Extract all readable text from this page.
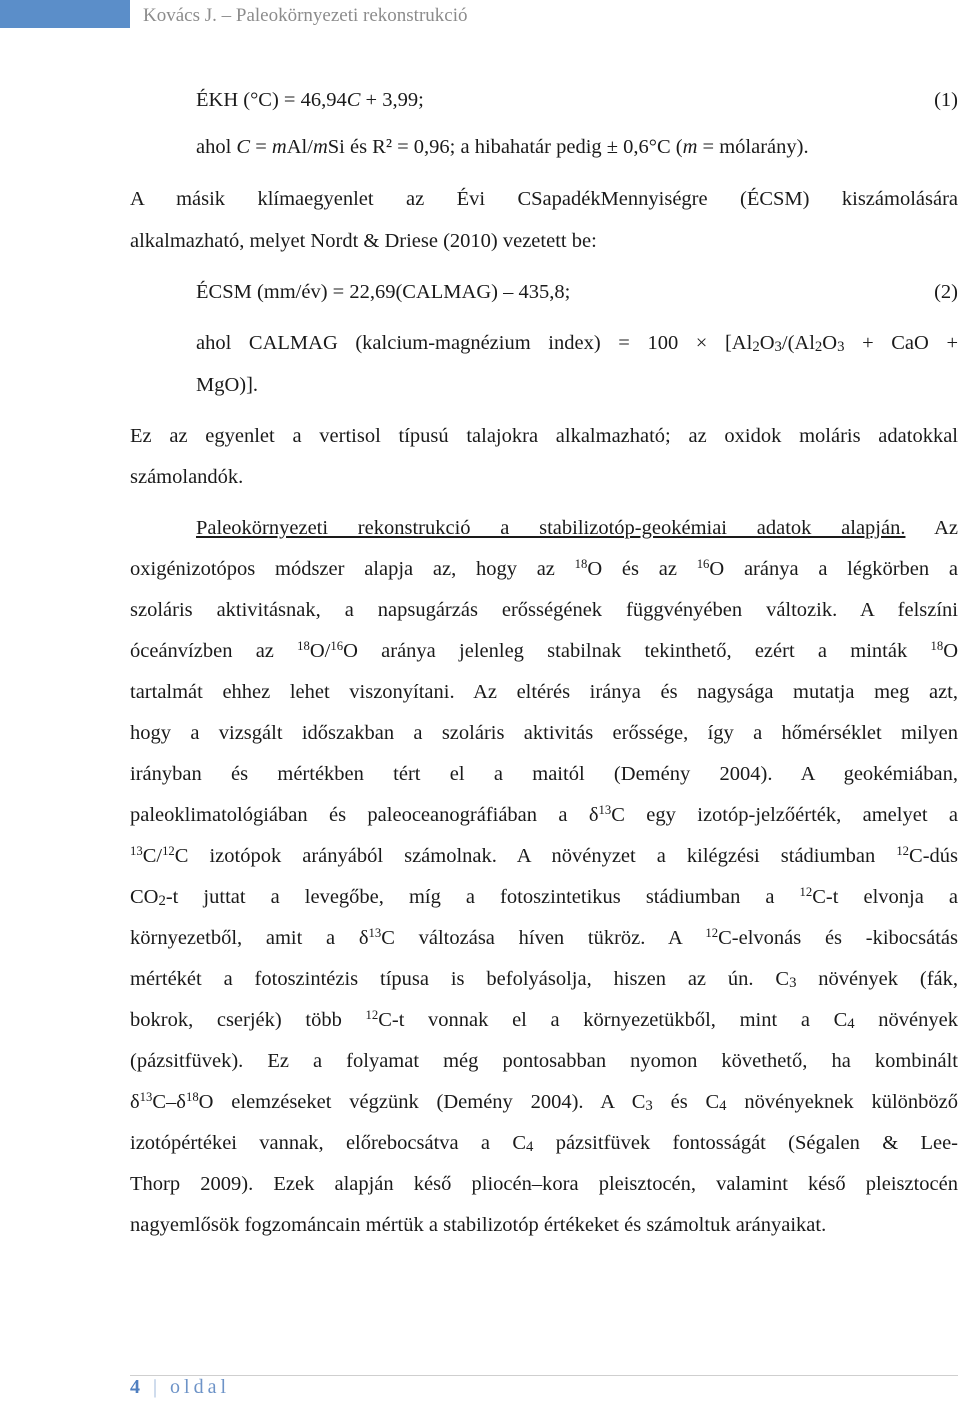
Kovács J. – Paleokörnyezeti rekonstrukció
ÉKH (°C) = 46,94C + 3,99;	(1)
ahol C = mAl/mSi és R² = 0,96; a hibahatár pedig ± 0,6°C (m = mólarány).
A másik klímaegyenlet az Évi CSapadékMennyiségre (ÉCSM) kiszámolására
alkalmazható, melyet Nordt & Driese (2010) vezetett be:
ÉCSM (mm/év) = 22,69(CALMAG) – 435,8;	(2)
ahol CALMAG (kalcium-magnézium index) = $100 \times [Al_2O_3/(Al_2O_3$ + CaO +
MgO)].
Ez az egyenlet a vertisol típusú talajokra alkalmazható; az oxidok moláris adatokkal
számolandók.
Paleokörnyezeti rekonstrukció a stabilizotóp-geokémiai adatok alapján. Az
oxigénizotópos módszer alapja az, hogy az $^{18}$O és az $^{16}$O aránya a légkörben a
szoláris aktivitásnak, a napsugárzás erősségének függvényében változik. A felszíni
óceánvízben az $^{18}$O/$^{16}$O aránya jelenleg stabilnak tekinthető, ezért a minták $^{18}$O
tartalmát ehhez lehet viszonyítani. Az eltérés iránya és nagysága mutatja meg azt,
hogy a vizsgált időszakban a szoláris aktivitás erőssége, így a hőmérséklet milyen
irányban és mértékben tért el a maitól (Demény 2004). A geokémiában,
paleoklimatológiában és paleoceanográfiában a $\delta^{13}C$ egy izotóp-jelzőérték, amelyet a
$^{13}$C/$^{12}$C izotópok arányából számolnak. A növényzet a kilégzési stádiumban $^{12}$C-dús
$CO_2-t$ juttat a levegőbe, míg a fotoszintetikus stádiumban a $^{12}$C-t elvonja a
környezetből, amit a $\delta^{13}C$ változása híven tükröz. A $^{12}$C-elvonás és -kibocsátás
mértékét a fotoszintézis típusa is befolyásolja, hiszen az ún. $C_3$ növények (fák,
bokrok, cserjék) több $^{12}$C-t vonnak el a környezetükből, mint a $C_4$ növények
(pázsitfüvek). Ez a folyamat még pontosabban nyomon követhető, ha kombinált
$\delta^{13}C-\delta^{18}O$ elemzéseket végzünk (Demény 2004). A $C_3$ és $C_4$ növényeknek különböző
izotópértékei vannak, előrebocsátva a $C_4$ pázsitfüvek fontosságát (Ségalen & Lee-
Thorp 2009). Ezek alapján késő pliocén–kora pleisztocén, valamint késő pleisztocén
nagyemlősök fogzománcain mértük a stabilizotóp értékeket és számoltuk arányaikat.
4 | oldal
